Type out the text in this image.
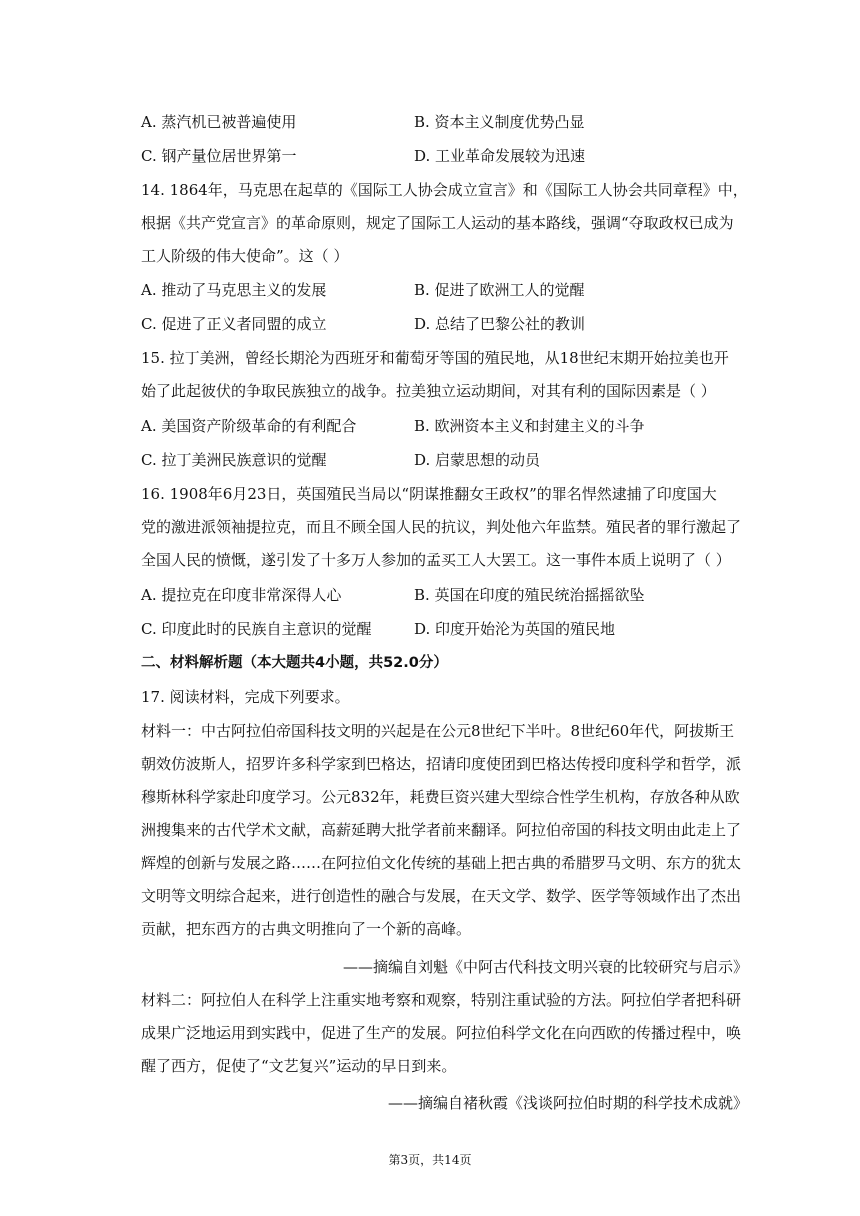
A. 蒸汽机已被普遍使用	B. 资本主义制度优势凸显
C. 钢产量位居世界第一	D. 工业革命发展较为迅速
14. 1864年，马克思在起草的《国际工人协会成立宣言》和《国际工人协会共同章程》中，
根据《共产党宣言》的革命原则，规定了国际工人运动的基本路线，强调“夺取政权已成为
工人阶级的伟大使命”。这（ ）
A. 推动了马克思主义的发展	B. 促进了欧洲工人的觉醒
C. 促进了正义者同盟的成立	D. 总结了巴黎公社的教训
15. 拉丁美洲，曾经长期沦为西班牙和葡萄牙等国的殖民地，从18世纪末期开始拉美也开
始了此起彼伏的争取民族独立的战争。拉美独立运动期间，对其有利的国际因素是（ ）
A. 美国资产阶级革命的有利配合	B. 欧洲资本主义和封建主义的斗争
C. 拉丁美洲民族意识的觉醒	D. 启蒙思想的动员
16. 1908年6月23日，英国殖民当局以“阴谋推翻女王政权”的罪名悍然逮捕了印度国大
党的激进派领袖提拉克，而且不顾全国人民的抗议，判处他六年监禁。殖民者的罪行激起了
全国人民的愤慨，遂引发了十多万人参加的孟买工人大罢工。这一事件本质上说明了（ ）
A. 提拉克在印度非常深得人心	B. 英国在印度的殖民统治摇摇欲坠
C. 印度此时的民族自主意识的觉醒	D. 印度开始沦为英国的殖民地
二、材料解析题（本大题共4小题，共52.0分）
17. 阅读材料，完成下列要求。
材料一：中古阿拉伯帝国科技文明的兴起是在公元8世纪下半叶。8世纪60年代，阿拔斯王
朝效仿波斯人，招罗许多科学家到巴格达，招请印度使团到巴格达传授印度科学和哲学，派
穆斯林科学家赴印度学习。公元832年，耗费巨资兴建大型综合性学生机构，存放各种从欧
洲搜集来的古代学术文献，高薪延聘大批学者前来翻译。阿拉伯帝国的科技文明由此走上了
辉煌的创新与发展之路……在阿拉伯文化传统的基础上把古典的希腊罗马文明、东方的犹太
文明等文明综合起来，进行创造性的融合与发展，在天文学、数学、医学等领域作出了杰出
贡献，把东西方的古典文明推向了一个新的高峰。
——摘编自刘魁《中阿古代科技文明兴衰的比较研究与启示》
材料二：阿拉伯人在科学上注重实地考察和观察，特别注重试验的方法。阿拉伯学者把科研
成果广泛地运用到实践中，促进了生产的发展。阿拉伯科学文化在向西欧的传播过程中，唤
醒了西方，促使了“文艺复兴”运动的早日到来。
——摘编自褚秋霞《浅谈阿拉伯时期的科学技术成就》
第3页，共14页
